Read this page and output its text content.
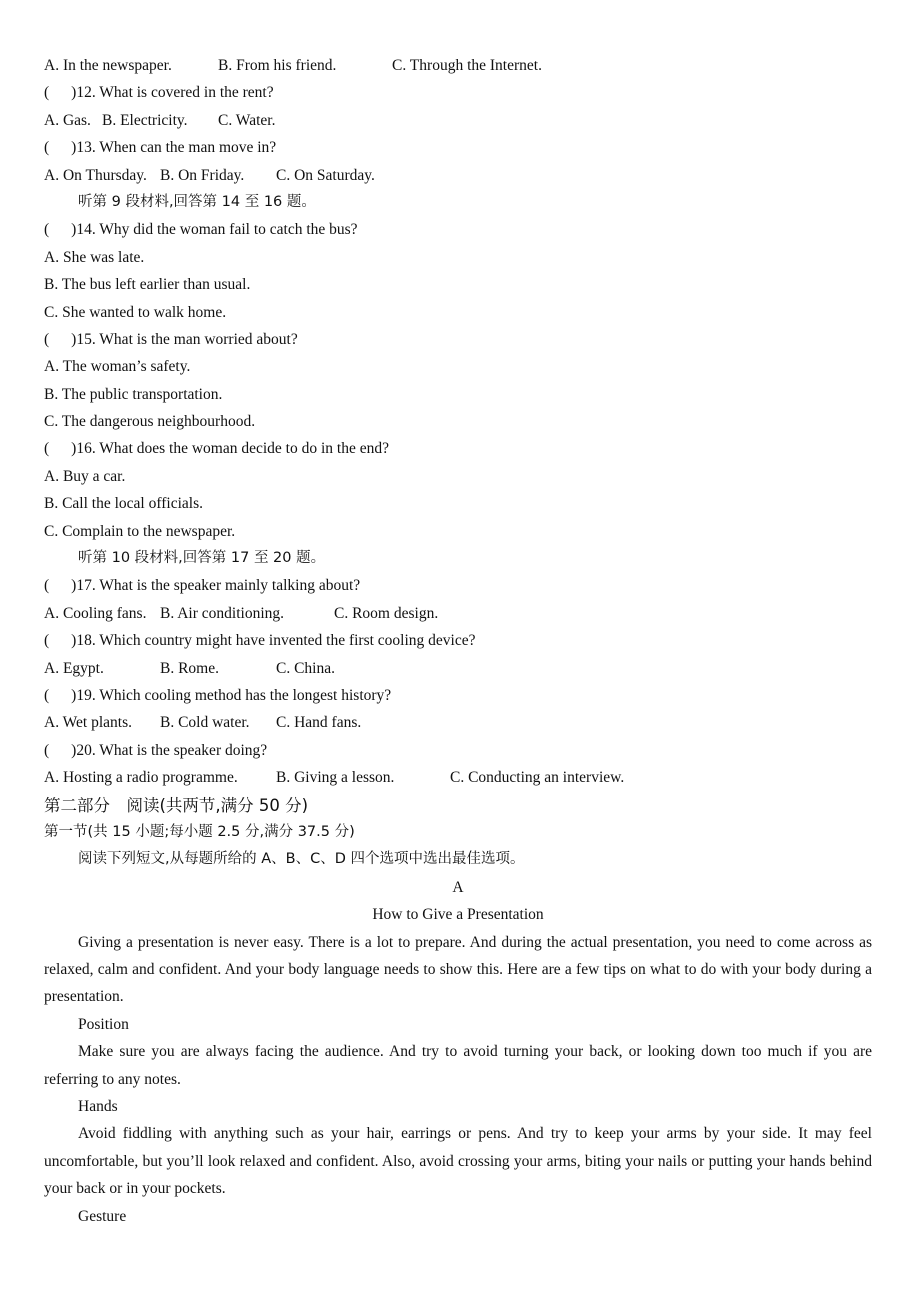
A. In the newspaper.	B. From his friend.	C. Through the Internet.
( )12. What is covered in the rent?
A. Gas. B. Electricity. C. Water.
( )13. When can the man move in?
A. On Thursday. B. On Friday. C. On Saturday.
听第 9 段材料,回答第 14 至 16 题。
( )14. Why did the woman fail to catch the bus?
A. She was late.
B. The bus left earlier than usual.
C. She wanted to walk home.
( )15. What is the man worried about?
A. The woman’s safety.
B. The public transportation.
C. The dangerous neighbourhood.
( )16. What does the woman decide to do in the end?
A. Buy a car.
B. Call the local officials.
C. Complain to the newspaper.
听第 10 段材料,回答第 17 至 20 题。
( )17. What is the speaker mainly talking about?
A. Cooling fans. B. Air conditioning.	C. Room design.
( )18. Which country might have invented the first cooling device?
A. Egypt.	B. Rome.	C. China.
( )19. Which cooling method has the longest history?
A. Wet plants. B. Cold water. C. Hand fans.
( )20. What is the speaker doing?
A. Hosting a radio programme. B. Giving a lesson.	C. Conducting an interview.
第二部分　阅读(共两节,满分 50 分)
第一节(共 15 小题;每小题 2.5 分,满分 37.5 分)
阅读下列短文,从每题所给的 A、B、C、D 四个选项中选出最佳选项。
A
How to Give a Presentation
Giving a presentation is never easy. There is a lot to prepare. And during the actual presentation, you need to come across as relaxed, calm and confident. And your body language needs to show this. Here are a few tips on what to do with your body during a presentation.
Position
Make sure you are always facing the audience. And try to avoid turning your back, or looking down too much if you are referring to any notes.
Hands
Avoid fiddling with anything such as your hair, earrings or pens. And try to keep your arms by your side. It may feel uncomfortable, but you’ll look relaxed and confident. Also, avoid crossing your arms, biting your nails or putting your hands behind your back or in your pockets.
Gesture
